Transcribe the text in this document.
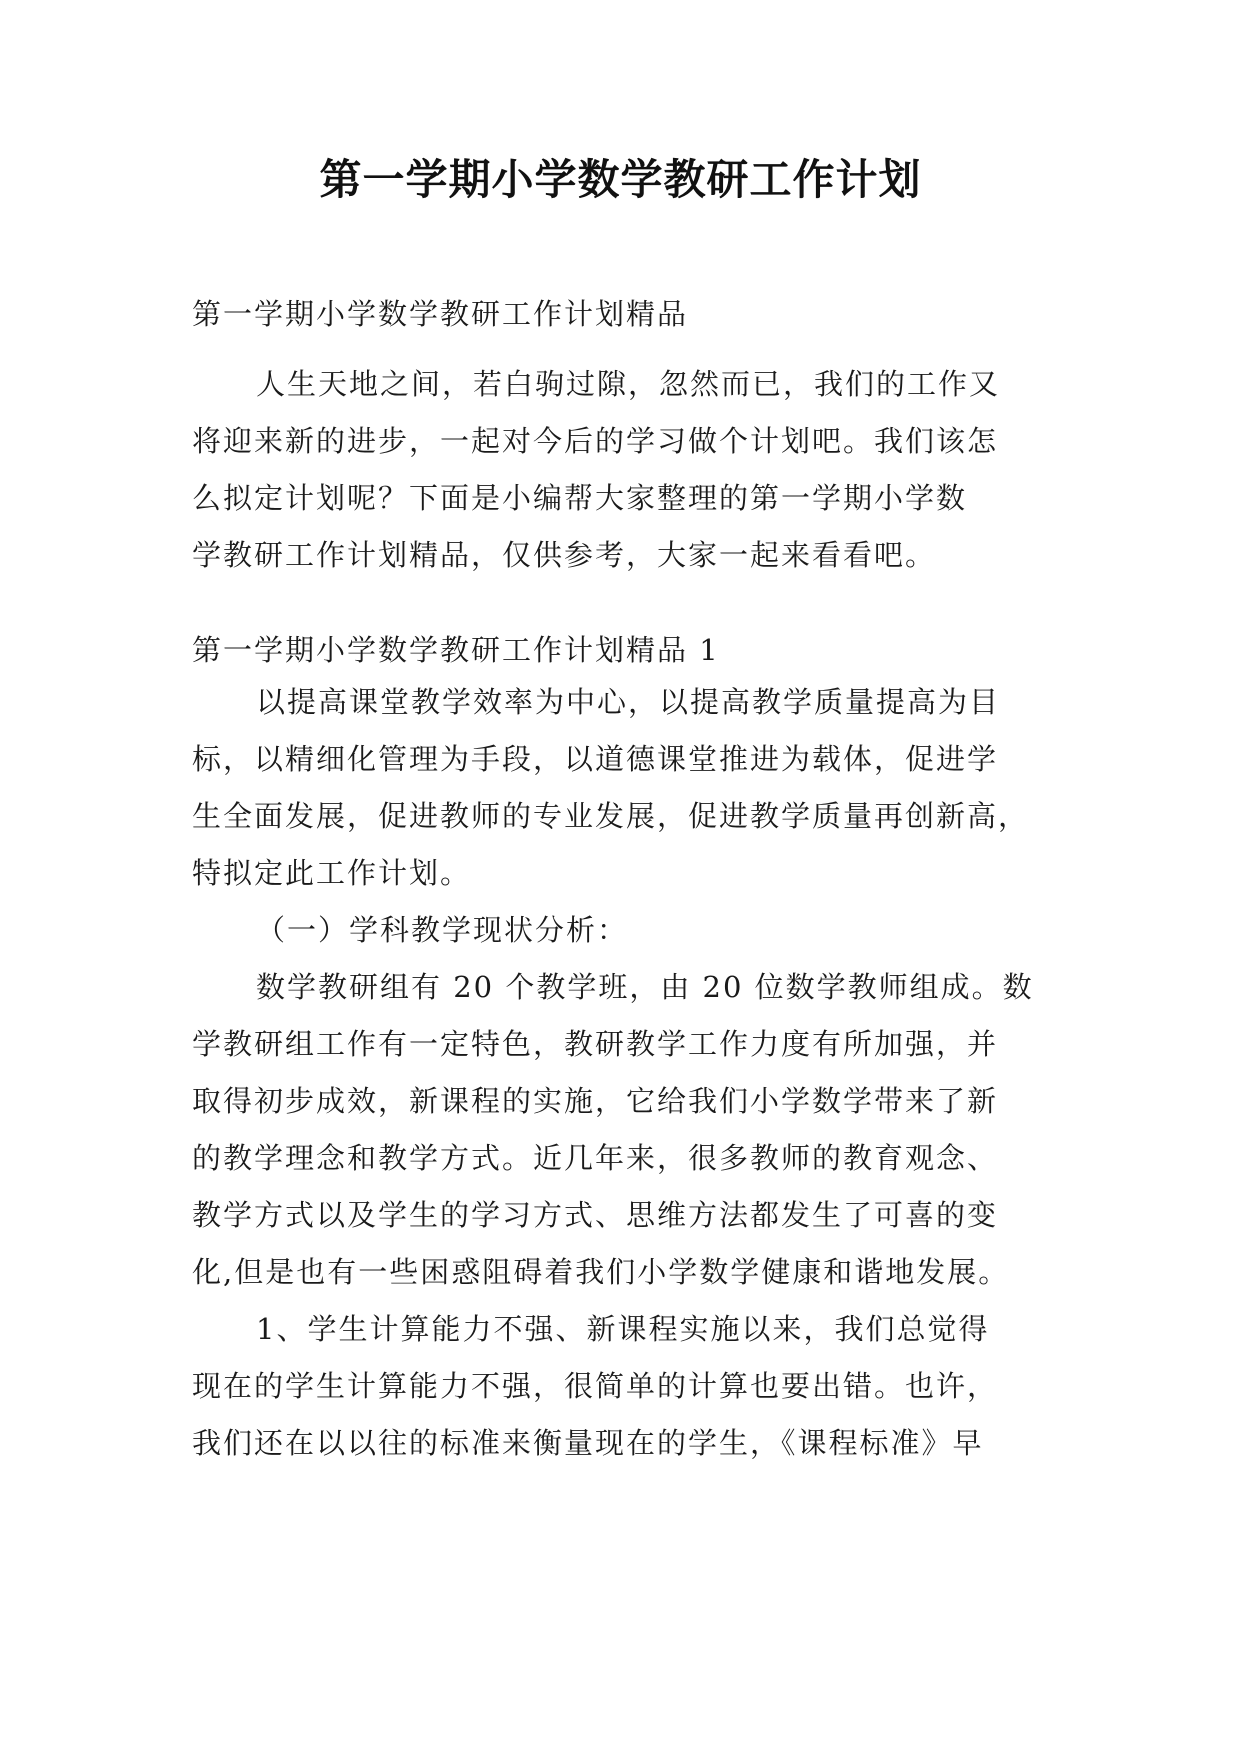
第一学期小学数学教研工作计划
第一学期小学数学教研工作计划精品
人生天地之间，若白驹过隙，忽然而已，我们的工作又
将迎来新的进步，一起对今后的学习做个计划吧。我们该怎
么拟定计划呢？下面是小编帮大家整理的第一学期小学数
学教研工作计划精品，仅供参考，大家一起来看看吧。
第一学期小学数学教研工作计划精品 1
以提高课堂教学效率为中心，以提高教学质量提高为目
标，以精细化管理为手段，以道德课堂推进为载体，促进学
生全面发展，促进教师的专业发展，促进教学质量再创新高，
特拟定此工作计划。
（一）学科教学现状分析：
数学教研组有 20 个教学班，由 20 位数学教师组成。数
学教研组工作有一定特色，教研教学工作力度有所加强，并
取得初步成效，新课程的实施，它给我们小学数学带来了新
的教学理念和教学方式。近几年来，很多教师的教育观念、
教学方式以及学生的学习方式、思维方法都发生了可喜的变
化,但是也有一些困惑阻碍着我们小学数学健康和谐地发展。
1、学生计算能力不强、新课程实施以来，我们总觉得
现在的学生计算能力不强，很简单的计算也要出错。也许，
我们还在以以往的标准来衡量现在的学生，《课程标准》早
